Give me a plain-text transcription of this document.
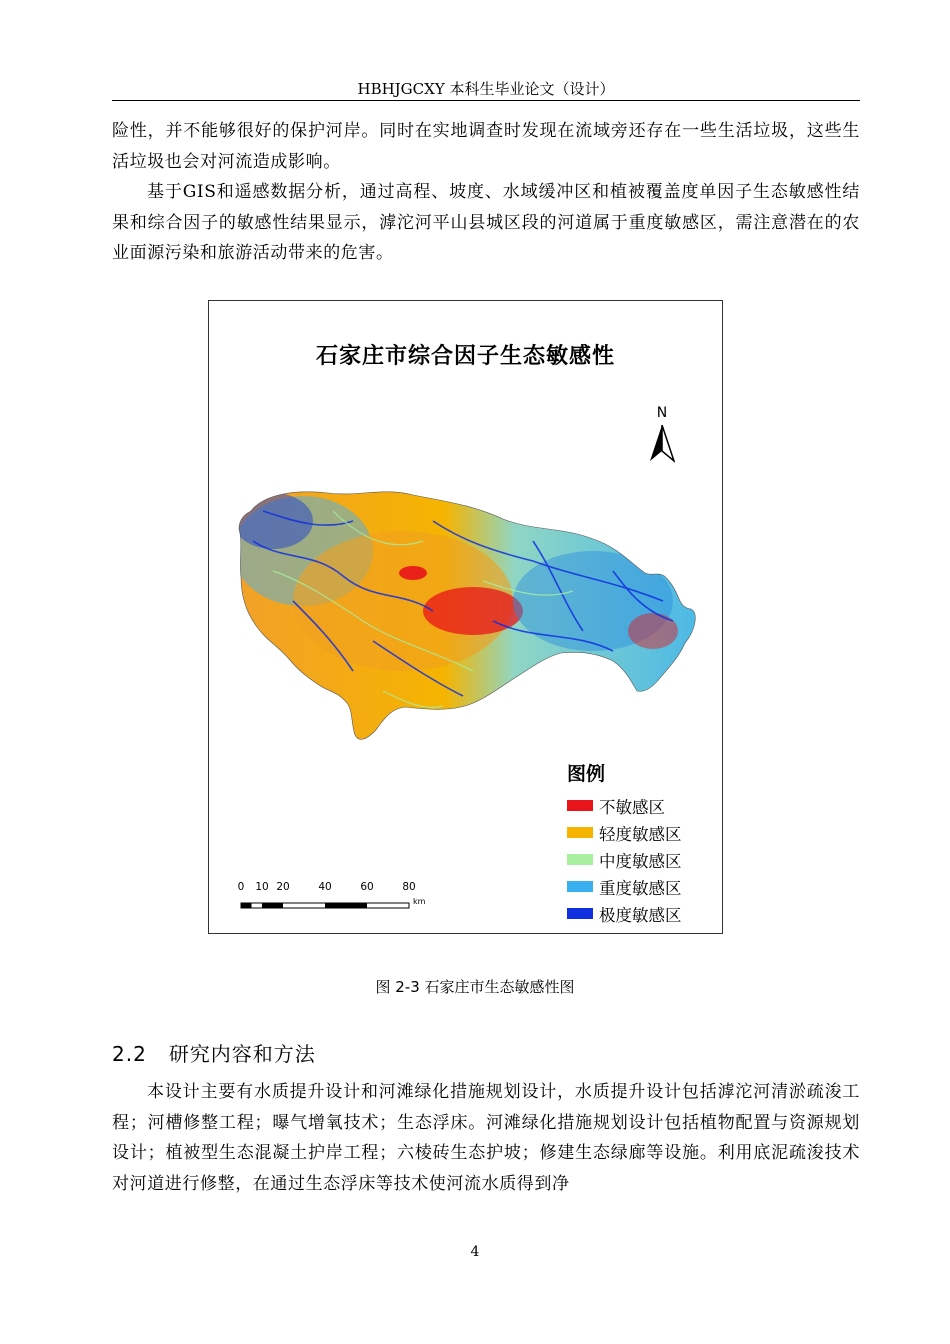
HBHJGCXY 本科生毕业论文（设计）
险性，并不能够很好的保护河岸。同时在实地调查时发现在流域旁还存在一些生活垃圾，这些生活垃圾也会对河流造成影响。
基于GIS和遥感数据分析，通过高程、坡度、水域缓冲区和植被覆盖度单因子生态敏感性结果和综合因子的敏感性结果显示，滹沱河平山县城区段的河道属于重度敏感区，需注意潜在的农业面源污染和旅游活动带来的危害。
石家庄市综合因子生态敏感性
N
图例
不敏感区
轻度敏感区
中度敏感区
重度敏感区
极度敏感区
0 10 20	40	60	80
km
图 2-3 石家庄市生态敏感性图
2.2 研究内容和方法
本设计主要有水质提升设计和河滩绿化措施规划设计，水质提升设计包括滹沱河清淤疏浚工程；河槽修整工程；曝气增氧技术；生态浮床。河滩绿化措施规划设计包括植物配置与资源规划设计；植被型生态混凝土护岸工程；六棱砖生态护坡；修建生态绿廊等设施。利用底泥疏浚技术对河道进行修整，在通过生态浮床等技术使河流水质得到净
4
